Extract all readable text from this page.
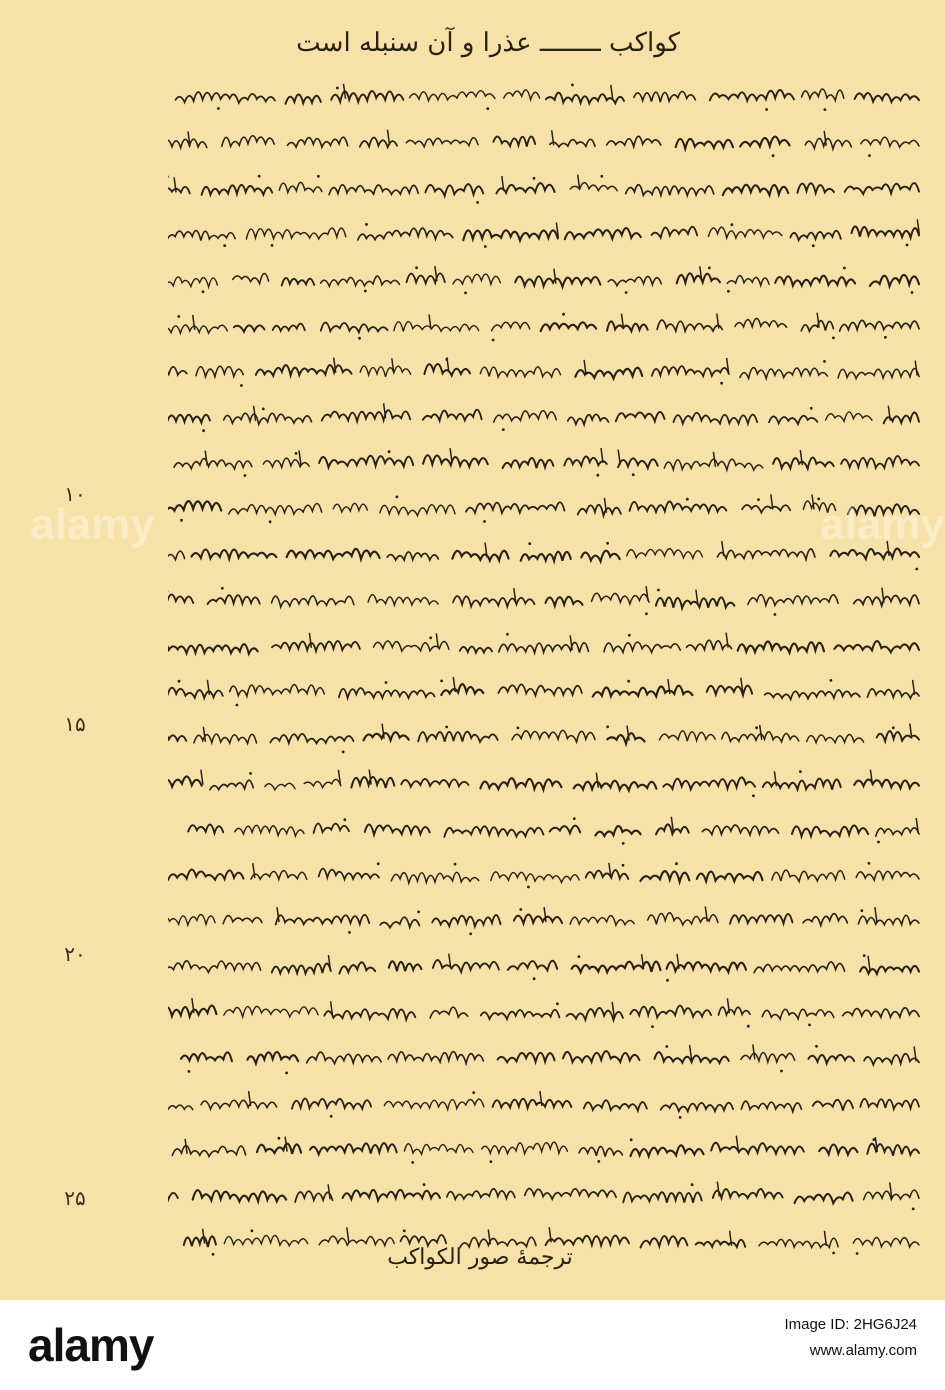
کواکب ــــــــ عذرا و آن سنبله است
۱۰
۱۵
۲۰
۲۵
ترجمهٔ صور الکواکب
alamy	alamy
alamy	Image ID: 2HG6J24
www.alamy.com
